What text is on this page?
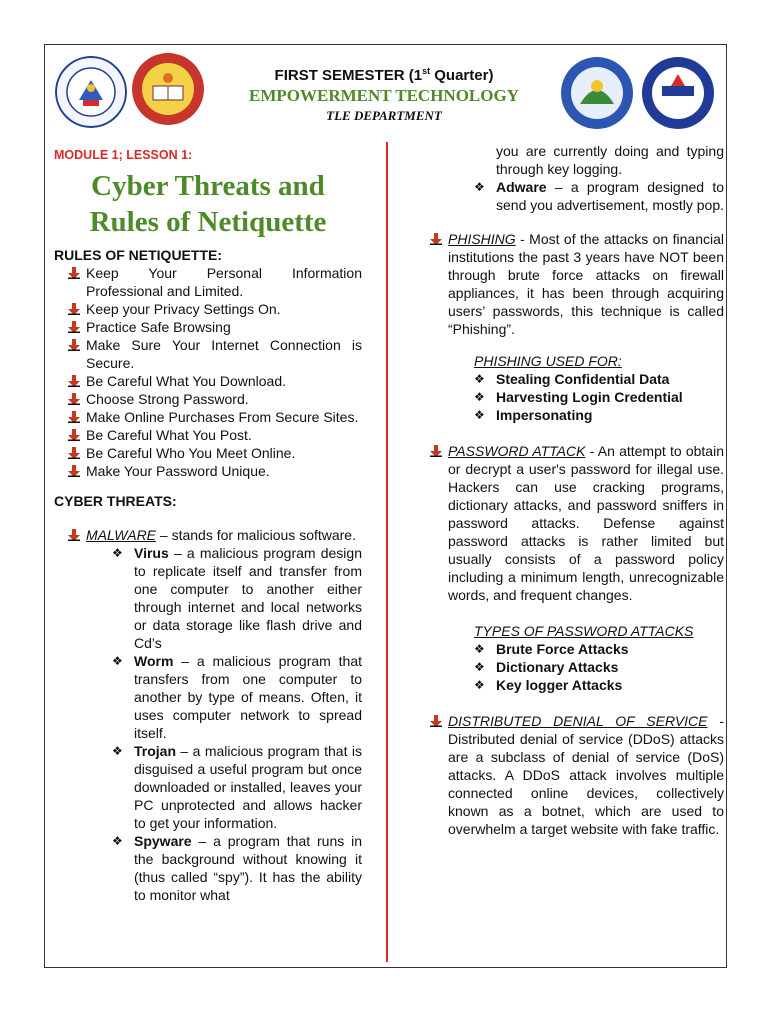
FIRST SEMESTER (1st Quarter)
EMPOWERMENT TECHNOLOGY
TLE DEPARTMENT
MODULE 1; LESSON 1:
Cyber Threats and
Rules of Netiquette
RULES OF NETIQUETTE:
Keep Your Personal Information Professional and Limited.
Keep your Privacy Settings On.
Practice Safe Browsing
Make Sure Your Internet Connection is Secure.
Be Careful What You Download.
Choose Strong Password.
Make Online Purchases From Secure Sites.
Be Careful What You Post.
Be Careful Who You Meet Online.
Make Your Password Unique.
CYBER THREATS:
MALWARE – stands for malicious software.
❖ Virus – a malicious program design to replicate itself and transfer from one computer to another either through internet and local networks or data storage like flash drive and Cd’s
❖ Worm – a malicious program that transfers from one computer to another by type of means. Often, it uses computer network to spread itself.
❖ Trojan – a malicious program that is disguised a useful program but once downloaded or installed, leaves your PC unprotected and allows hacker to get your information.
❖ Spyware – a program that runs in the background without knowing it (thus called “spy”). It has the ability to monitor what
you are currently doing and typing through key logging.
❖ Adware – a program designed to send you advertisement, mostly pop.
PHISHING - Most of the attacks on financial institutions the past 3 years have NOT been through brute force attacks on firewall appliances, it has been through acquiring users’ passwords, this technique is called “Phishing”.
PHISHING USED FOR:
❖ Stealing Confidential Data
❖ Harvesting Login Credential
❖ Impersonating
PASSWORD ATTACK - An attempt to obtain or decrypt a user's password for illegal use. Hackers can use cracking programs, dictionary attacks, and password sniffers in password attacks. Defense against password attacks is rather limited but usually consists of a password policy including a minimum length, unrecognizable words, and frequent changes.
TYPES OF PASSWORD ATTACKS
❖ Brute Force Attacks
❖ Dictionary Attacks
❖ Key logger Attacks
DISTRIBUTED DENIAL OF SERVICE - Distributed denial of service (DDoS) attacks are a subclass of denial of service (DoS) attacks. A DDoS attack involves multiple connected online devices, collectively known as a botnet, which are used to overwhelm a target website with fake traffic.
